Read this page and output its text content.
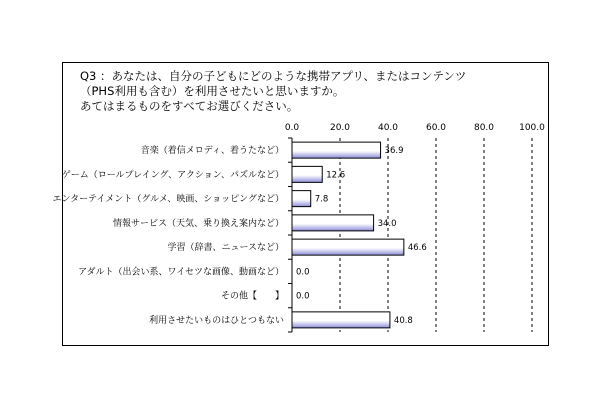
Q3 ：あなたは、自分の子どもにどのような携帯アプリ、またはコンテンツ
（PHS利用も含む）を利用させたいと思いますか。
あてはまるものをすべてお選びください。
0.0	20.0	40.0	60.0	80.0	100.0
音楽（着信メロディ、着うたなど）	36.9
ゲーム（ロールプレイング、アクション、パズルなど）	12.6
エンターテイメント（グルメ、映画、ショッピングなど）	7.8
情報サービス（天気、乗り換え案内など）	34.0
学習（辞書、ニュースなど）	46.6
アダルト（出会い系、ワイセツな画像、動画など） 0.0
その他【　　】 0.0
利用させたいものはひとつもない	40.8
